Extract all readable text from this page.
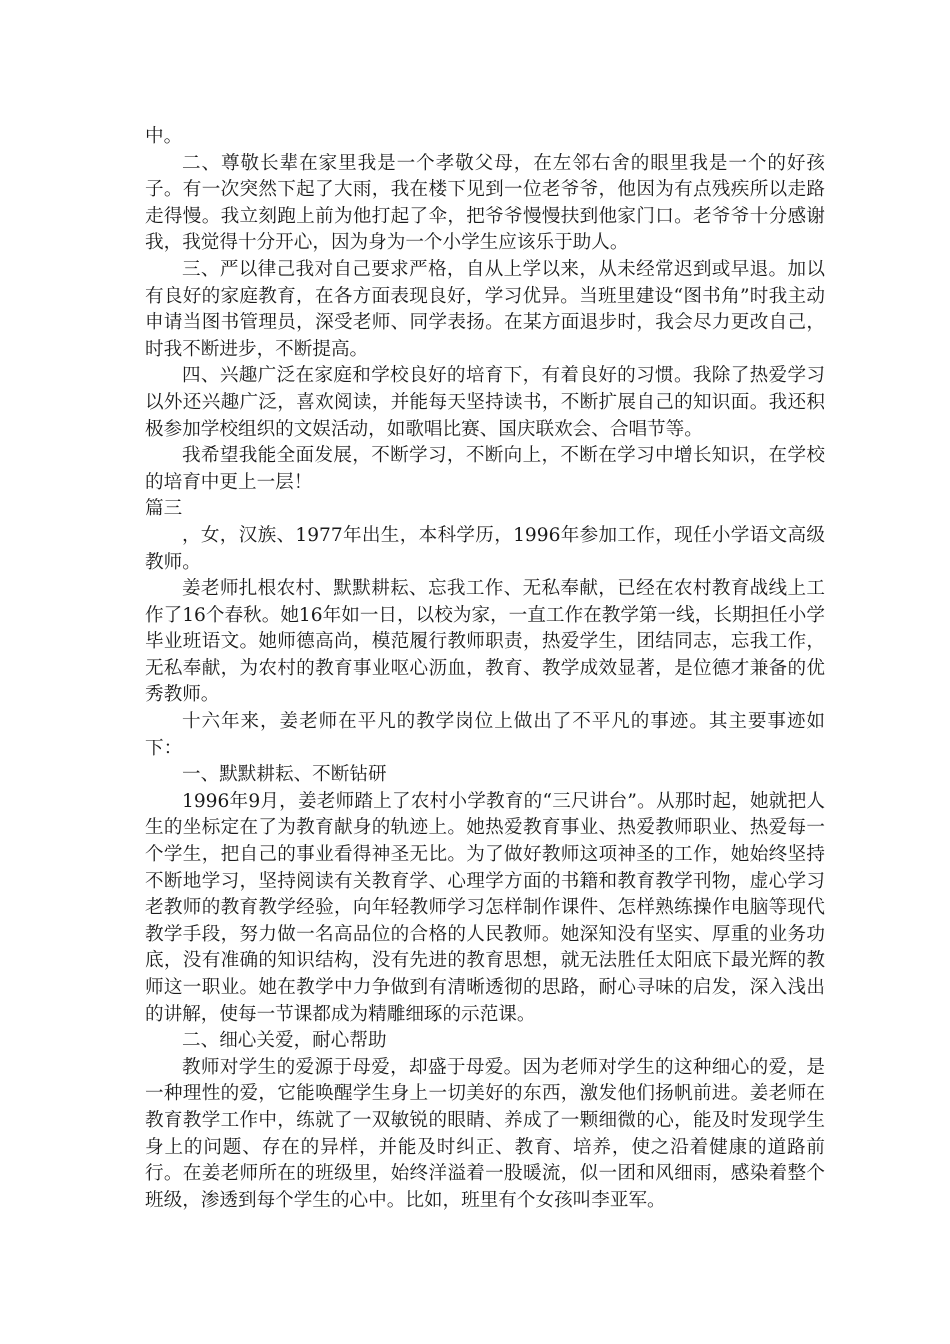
中。

二、尊敬长辈在家里我是一个孝敬父母，在左邻右舍的眼里我是一个的好孩子。有一次突然下起了大雨，我在楼下见到一位老爷爷，他因为有点残疾所以走路走得慢。我立刻跑上前为他打起了伞，把爷爷慢慢扶到他家门口。老爷爷十分感谢我，我觉得十分开心，因为身为一个小学生应该乐于助人。

三、严以律己我对自己要求严格，自从上学以来，从未经常迟到或早退。加以有良好的家庭教育，在各方面表现良好，学习优异。当班里建设“图书角”时我主动申请当图书管理员，深受老师、同学表扬。在某方面退步时，我会尽力更改自己，时我不断进步，不断提高。

四、兴趣广泛在家庭和学校良好的培育下，有着良好的习惯。我除了热爱学习以外还兴趣广泛，喜欢阅读，并能每天坚持读书，不断扩展自己的知识面。我还积极参加学校组织的文娱活动，如歌唱比赛、国庆联欢会、合唱节等。

我希望我能全面发展，不断学习，不断向上，不断在学习中增长知识，在学校的培育中更上一层！

篇三

，女，汉族、1977年出生，本科学历，1996年参加工作，现任小学语文高级教师。

姜老师扎根农村、默默耕耘、忘我工作、无私奉献，已经在农村教育战线上工作了16个春秋。她16年如一日，以校为家，一直工作在教学第一线，长期担任小学毕业班语文。她师德高尚，模范履行教师职责，热爱学生，团结同志，忘我工作，无私奉献，为农村的教育事业呕心沥血，教育、教学成效显著，是位德才兼备的优秀教师。

十六年来，姜老师在平凡的教学岗位上做出了不平凡的事迹。其主要事迹如下：

一、默默耕耘、不断钻研

1996年9月，姜老师踏上了农村小学教育的“三尺讲台”。从那时起，她就把人生的坐标定在了为教育献身的轨迹上。她热爱教育事业、热爱教师职业、热爱每一个学生，把自己的事业看得神圣无比。为了做好教师这项神圣的工作，她始终坚持不断地学习，坚持阅读有关教育学、心理学方面的书籍和教育教学刊物，虚心学习老教师的教育教学经验，向年轻教师学习怎样制作课件、怎样熟练操作电脑等现代教学手段，努力做一名高品位的合格的人民教师。她深知没有坚实、厚重的业务功底，没有准确的知识结构，没有先进的教育思想，就无法胜任太阳底下最光辉的教师这一职业。她在教学中力争做到有清晰透彻的思路，耐心寻味的启发，深入浅出的讲解，使每一节课都成为精雕细琢的示范课。

二、细心关爱，耐心帮助

教师对学生的爱源于母爱，却盛于母爱。因为老师对学生的这种细心的爱，是一种理性的爱，它能唤醒学生身上一切美好的东西，激发他们扬帆前进。姜老师在教育教学工作中，练就了一双敏锐的眼睛、养成了一颗细微的心，能及时发现学生身上的问题、存在的异样，并能及时纠正、教育、培养，使之沿着健康的道路前行。在姜老师所在的班级里，始终洋溢着一股暖流，似一团和风细雨，感染着整个班级，渗透到每个学生的心中。比如，班里有个女孩叫李亚军。
